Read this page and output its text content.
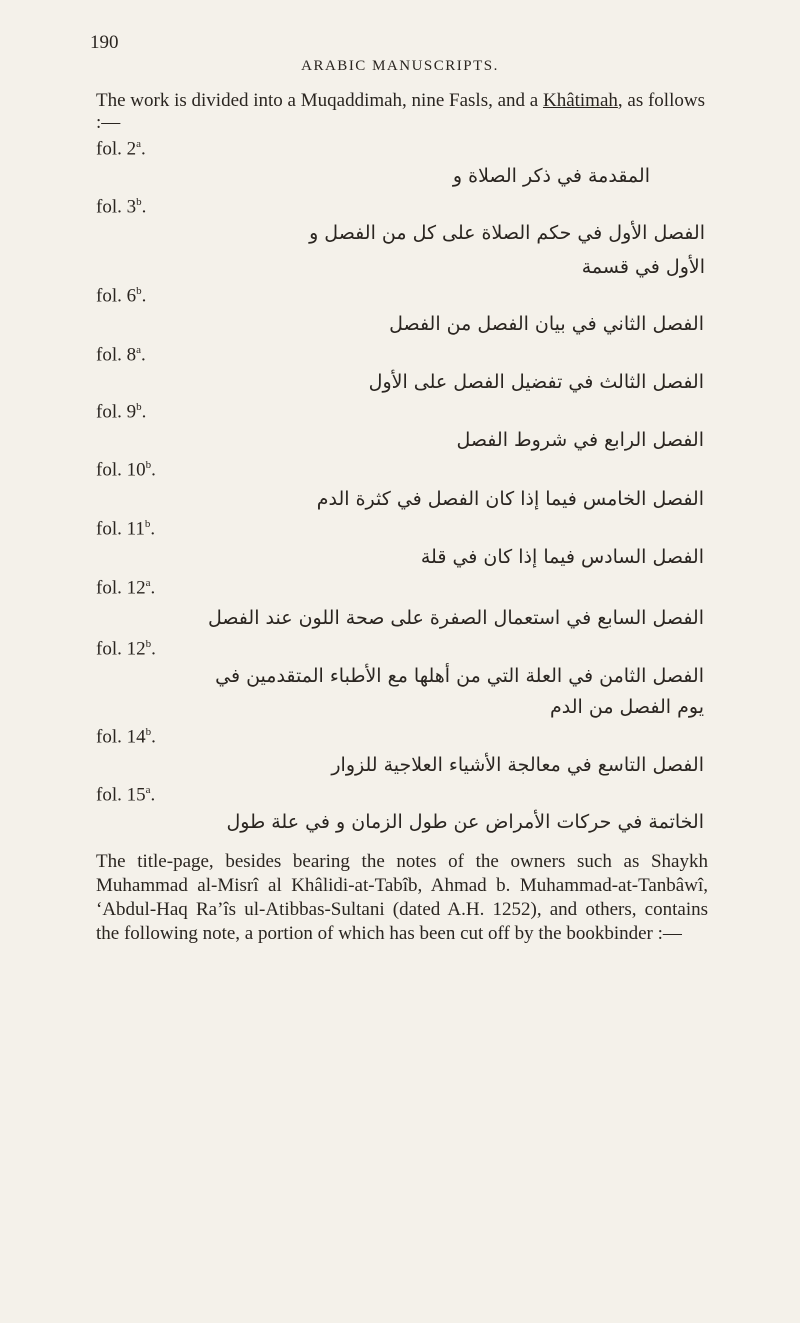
190
ARABIC MANUSCRIPTS.
The work is divided into a Muqaddimah, nine Fasls, and a Khâtimah, as follows :—
fol. 2$^a$.
المقدمة في ذكر الصلاة و
fol. 3$^b$.
الفصل الأول في حكم الصلاة على كل من الفصل و
الأول في قسمة
fol. 6$^b$.
الفصل الثاني في بيان الفصل من الفصل
fol. 8$^a$.
الفصل الثالث في تفضيل الفصل على الأول
fol. 9$^b$.
الفصل الرابع في شروط الفصل
fol. 10$^b$.
الفصل الخامس فيما إذا كان الفصل في كثرة الدم
fol. 11$^b$.
الفصل السادس فيما إذا كان في قلة
fol. 12$^a$.
الفصل السابع في استعمال الصفرة على صحة اللون عند الفصل
fol. 12$^b$.
الفصل الثامن في العلة التي من أهلها مع الأطباء المتقدمين في
يوم الفصل من الدم
fol. 14$^b$.
الفصل التاسع في معالجة الأشياء العلاجية للزوار
fol. 15$^a$.
الخاتمة في حركات الأمراض عن طول الزمان و في علة طول
The title-page, besides bearing the notes of the owners such as Shaykh Muhammad al-Misrî al Khâlidi-at-Tabîb, Ahmad b. Muhammad-at-Tanbâwî, ‘Abdul-Haq Ra’îs ul-Atibbas-Sultani (dated A.H. 1252), and others, contains the following note, a portion of which has been cut off by the bookbinder :—
